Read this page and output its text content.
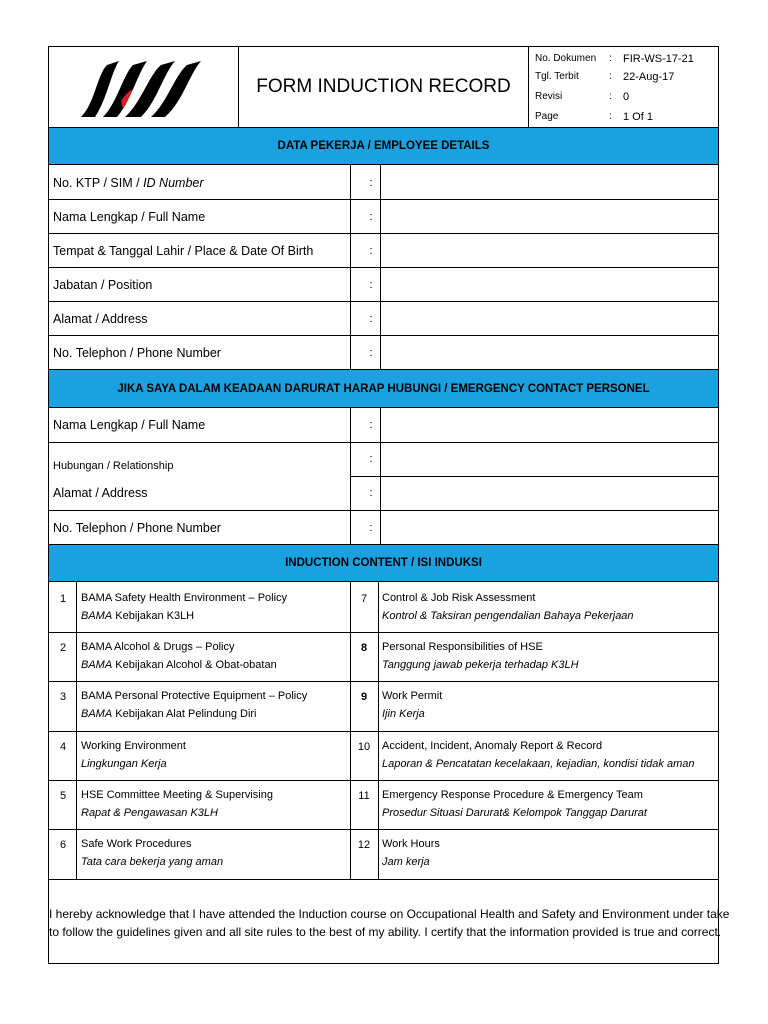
FORM INDUCTION RECORD
No. Dokumen : FIR-WS-17-21
Tgl. Terbit	: 22-Aug-17
Revisi	: 0
Page	: 1 Of 1
DATA PEKERJA / EMPLOYEE DETAILS
No. KTP / SIM / ID Number	:
Nama Lengkap / Full Name	:
Tempat & Tanggal Lahir / Place & Date Of Birth	:
Jabatan / Position	:
Alamat / Address	:
No. Telephon / Phone Number	:
JIKA SAYA DALAM KEADAAN DARURAT HARAP HUBUNGI / EMERGENCY CONTACT PERSONEL
Nama Lengkap / Full Name	:
Hubungan / Relationship
:
Alamat / Address	:
No. Telephon / Phone Number	:
INDUCTION CONTENT / ISI INDUKSI
1	BAMA Safety Health Environment – Policy
BAMA Kebijakan K3LH
7	Control & Job Risk Assessment
Kontrol & Taksiran pengendalian Bahaya Pekerjaan
2	BAMA Alcohol & Drugs – Policy
BAMA Kebijakan Alcohol & Obat-obatan
8	Personal Responsibilities of HSE
Tanggung jawab pekerja terhadap K3LH
3	BAMA Personal Protective Equipment – Policy
BAMA Kebijakan Alat Pelindung Diri
9	Work Permit
Ijin Kerja
4	Working Environment
Lingkungan Kerja
10	Accident, Incident, Anomaly Report & Record
Laporan & Pencatatan kecelakaan, kejadian, kondisi tidak aman
5	HSE Committee Meeting & Supervising
Rapat & Pengawasan K3LH
11	Emergency Response Procedure & Emergency Team
Prosedur Situasi Darurat& Kelompok Tanggap Darurat
6	Safe Work Procedures
Tata cara bekerja yang aman
12	Work Hours
Jam kerja
I hereby acknowledge that I have attended the Induction course on Occupational Health and Safety and Environment under take
to follow the guidelines given and all site rules to the best of my ability. I certify that the information provided is true and correct.
